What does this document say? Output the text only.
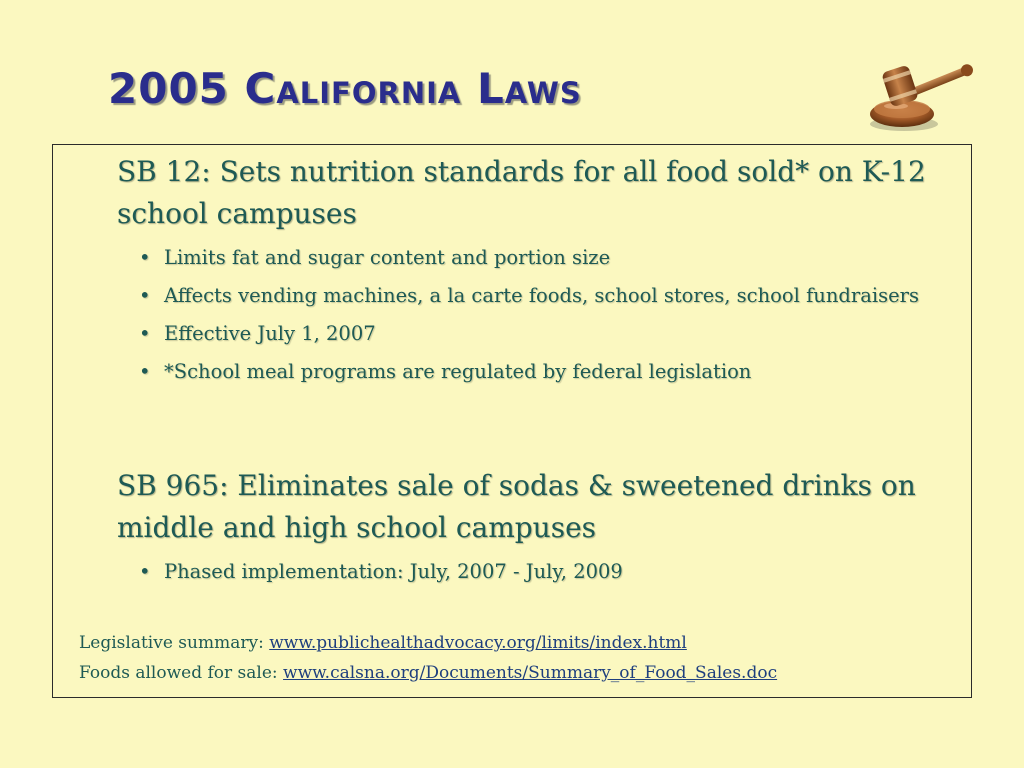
2005 California Laws

SB 12: Sets nutrition standards for all food sold* on K-12 school campuses

• Limits fat and sugar content and portion size
• Affects vending machines, a la carte foods, school stores, school fundraisers
• Effective July 1, 2007
• *School meal programs are regulated by federal legislation

SB 965: Eliminates sale of sodas & sweetened drinks on middle and high school campuses

• Phased implementation: July, 2007 - July, 2009
Legislative summary: www.publichealthadvocacy.org/limits/index.html
Foods allowed for sale: www.calsna.org/Documents/Summary_of_Food_Sales.doc
